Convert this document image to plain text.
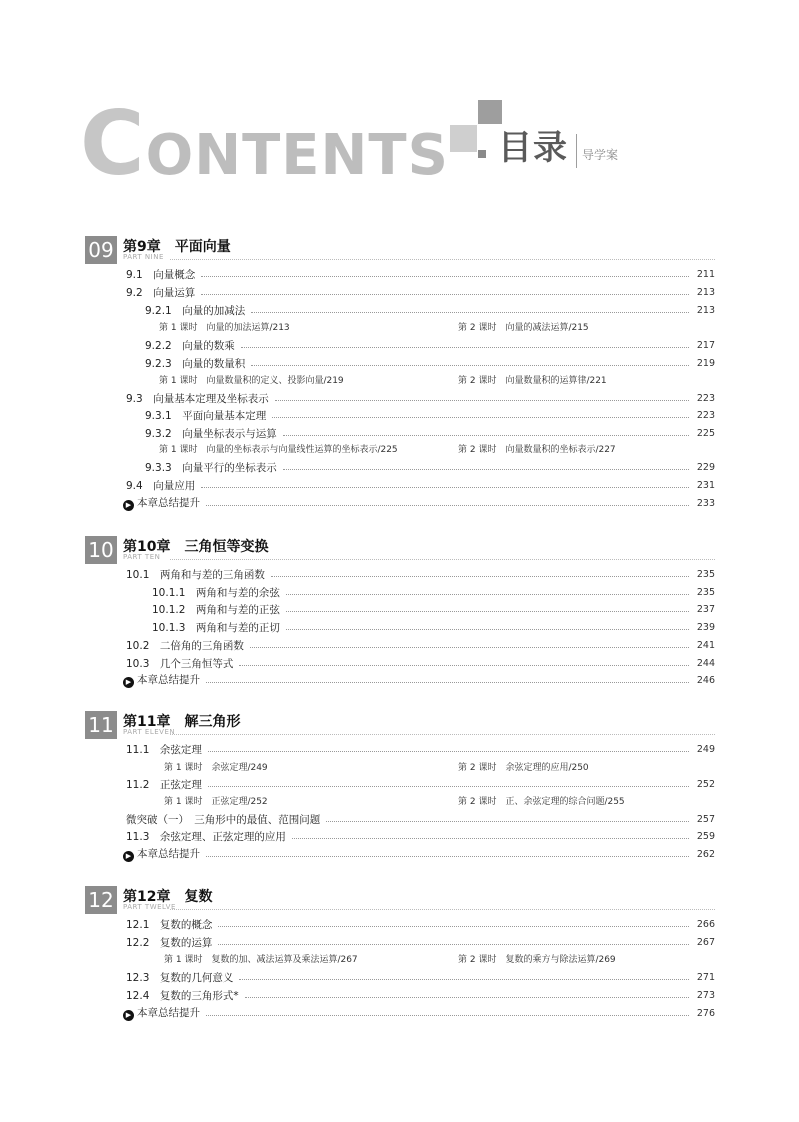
CONTENTS 目录 导学案
09 第9章　平面向量
PART NINE
9.1　向量概念	211
9.2　向量运算	213
9.2.1　向量的加减法	213
第 1 课时　向量的加法运算/213	第 2 课时　向量的减法运算/215
9.2.2　向量的数乘	217
9.2.3　向量的数量积	219
第 1 课时　向量数量积的定义、投影向量/219	第 2 课时　向量数量积的运算律/221
9.3　向量基本定理及坐标表示	223
9.3.1　平面向量基本定理	223
9.3.2　向量坐标表示与运算	225
第 1 课时　向量的坐标表示与向量线性运算的坐标表示/225	第 2 课时　向量数量积的坐标表示/227
9.3.3　向量平行的坐标表示	229
9.4　向量应用	231
▶ 本章总结提升	233
10 第10章　三角恒等变换
PART TEN
10.1　两角和与差的三角函数	235
10.1.1　两角和与差的余弦	235
10.1.2　两角和与差的正弦	237
10.1.3　两角和与差的正切	239
10.2　二倍角的三角函数	241
10.3　几个三角恒等式	244
▶ 本章总结提升	246
11 第11章　解三角形
PART ELEVEN
11.1　余弦定理	249
第 1 课时　余弦定理/249	第 2 课时　余弦定理的应用/250
11.2　正弦定理	252
第 1 课时　正弦定理/252	第 2 课时　正、余弦定理的综合问题/255
微突破（一）　三角形中的最值、范围问题	257
11.3　余弦定理、正弦定理的应用	259
▶ 本章总结提升	262
12 第12章　复数
PART TWELVE
12.1　复数的概念	266
12.2　复数的运算	267
第 1 课时　复数的加、减法运算及乘法运算/267	第 2 课时　复数的乘方与除法运算/269
12.3　复数的几何意义	271
12.4　复数的三角形式*	273
▶ 本章总结提升	276
